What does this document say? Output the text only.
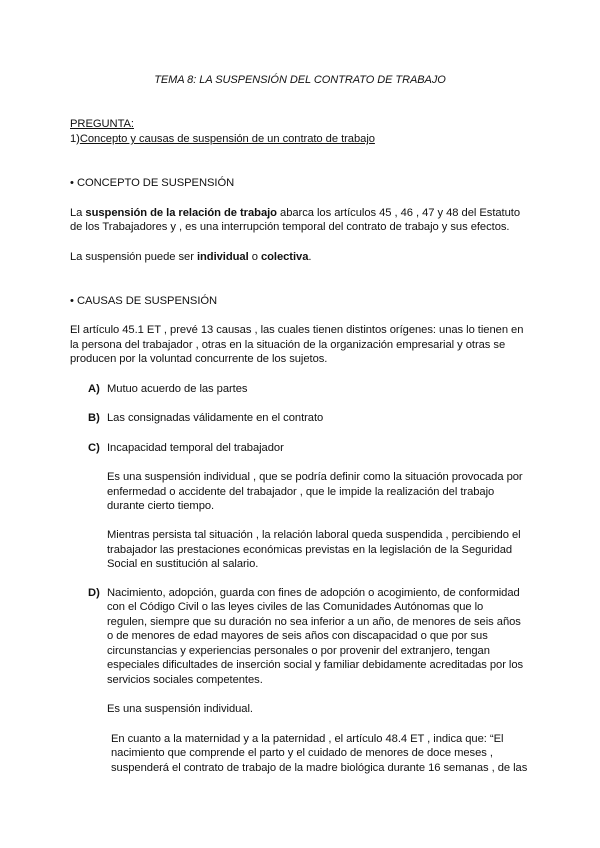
TEMA 8: LA SUSPENSIÓN DEL CONTRATO DE TRABAJO
PREGUNTA:
1)Concepto y causas de suspensión de un contrato de trabajo
• CONCEPTO DE SUSPENSIÓN
La suspensión de la relación de trabajo abarca los artículos 45 , 46 , 47 y 48 del Estatuto
de los Trabajadores y , es una interrupción temporal del contrato de trabajo y sus efectos.
La suspensión puede ser individual o colectiva.
• CAUSAS DE SUSPENSIÓN
El artículo 45.1 ET , prevé 13 causas , las cuales tienen distintos orígenes: unas lo tienen en
la persona del trabajador , otras en la situación de la organización empresarial y otras se
producen por la voluntad concurrente de los sujetos.
A) Mutuo acuerdo de las partes
B) Las consignadas válidamente en el contrato
C) Incapacidad temporal del trabajador
Es una suspensión individual , que se podría definir como la situación provocada por
enfermedad o accidente del trabajador , que le impide la realización del trabajo
durante cierto tiempo.
Mientras persista tal situación , la relación laboral queda suspendida , percibiendo el
trabajador las prestaciones económicas previstas en la legislación de la Seguridad
Social en sustitución al salario.
D) Nacimiento, adopción, guarda con fines de adopción o acogimiento, de conformidad
con el Código Civil o las leyes civiles de las Comunidades Autónomas que lo
regulen, siempre que su duración no sea inferior a un año, de menores de seis años
o de menores de edad mayores de seis años con discapacidad o que por sus
circunstancias y experiencias personales o por provenir del extranjero, tengan
especiales dificultades de inserción social y familiar debidamente acreditadas por los
servicios sociales competentes.
Es una suspensión individual.
En cuanto a la maternidad y a la paternidad , el artículo 48.4 ET , indica que: “El
nacimiento que comprende el parto y el cuidado de menores de doce meses ,
suspenderá el contrato de trabajo de la madre biológica durante 16 semanas , de las
